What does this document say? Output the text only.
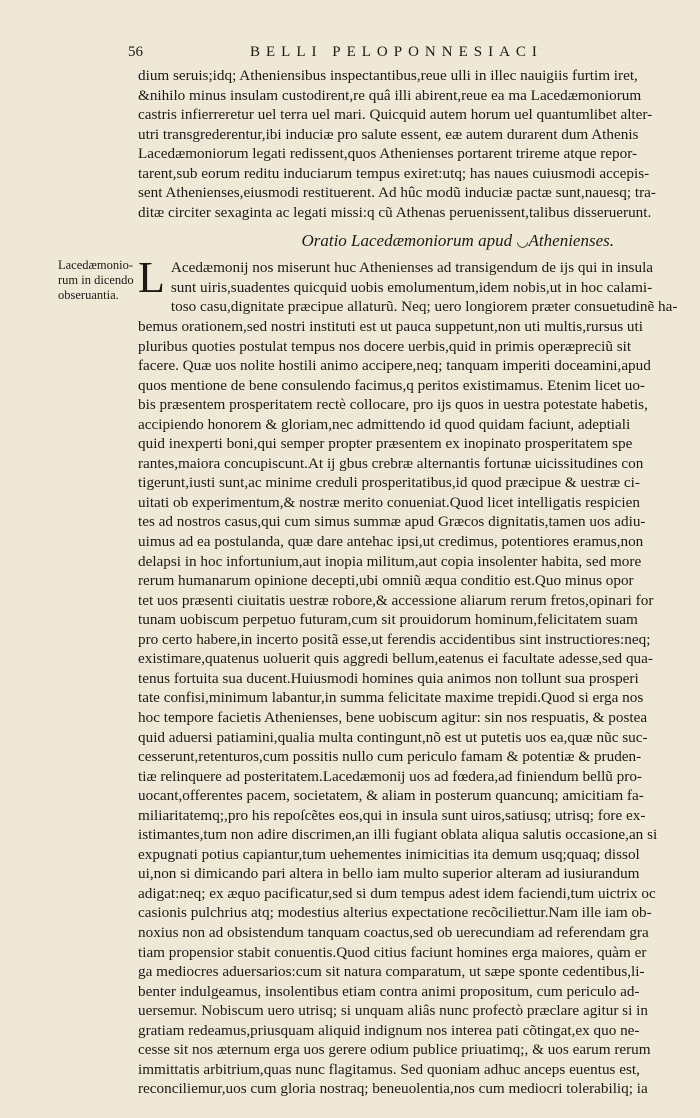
56	BELLI PELOPONNESIACI
Lacedæmonio-
rum in dicendo
obseruantia.
dium seruis;idq; Atheniensibus inspectantibus,reue ulli in illec nauigiis furtim iret,
&nihilo minus insulam custodirent,re quâ illi abirent,reue ea ma Lacedæmoniorum
castris infierreretur uel terra uel mari. Quicquid autem horum uel quantumlibet alter-
utri transgrederentur,ibi induciæ pro salute essent, eæ autem durarent dum Athenis
Lacedæmoniorum legati redissent,quos Athenienses portarent trireme atque repor-
tarent,sub eorum reditu induciarum tempus exiret:utq; has naues cuiusmodi accepis-
sent Athenienses,eiusmodi restituerent. Ad hûc modũ induciæ pactæ sunt,nauesq; tra-
ditæ circiter sexaginta ac legati missi:q cũ Athenas peruenissent,talibus disseruerunt.
Oratio Lacedæmoniorum apud ◡Athenienses.
L Acedæmonij nos miserunt huc Athenienses ad transigendum de ijs qui in insula
sunt uiris,suadentes quicquid uobis emolumentum,idem nobis,ut in hoc calami-
toso casu,dignitate præcipue allaturũ. Neq; uero longiorem præter consuetudinẽ ha-
bemus orationem,sed nostri instituti est ut pauca suppetunt,non uti multis,rursus uti
pluribus quoties postulat tempus nos docere uerbis,quid in primis operæpreciũ sit
facere. Quæ uos nolite hostili animo accipere,neq; tanquam imperiti doceamini,apud
quos mentione de bene consulendo facimus,q peritos existimamus. Etenim licet uo-
bis præsentem prosperitatem rectè collocare, pro ijs quos in uestra potestate habetis,
accipiendo honorem & gloriam,nec admittendo id quod quidam faciunt, adeptiali
quid inexperti boni,qui semper propter præsentem ex inopinato prosperitatem spe
rantes,maiora concupiscunt.At ij gbus crebræ alternantis fortunæ uicissitudines con
tigerunt,iusti sunt,ac minime creduli prosperitatibus,id quod præcipue & uestræ ci-
uitati ob experimentum,& nostræ merito conueniat.Quod licet intelligatis respicien
tes ad nostros casus,qui cum simus summæ apud Græcos dignitatis,tamen uos adiu-
uimus ad ea postulanda, quæ dare antehac ipsi,ut credimus, potentiores eramus,non
delapsi in hoc infortunium,aut inopia militum,aut copia insolenter habita, sed more
rerum humanarum opinione decepti,ubi omniũ æqua conditio est.Quo minus opor
tet uos præsenti ciuitatis uestræ robore,& accessione aliarum rerum fretos,opinari for
tunam uobiscum perpetuo futuram,cum sit prouidorum hominum,felicitatem suam
pro certo habere,in incerto positã esse,ut ferendis accidentibus sint instructiores:neq;
existimare,quatenus uoluerit quis aggredi bellum,eatenus ei facultate adesse,sed qua-
tenus fortuita sua ducent.Huiusmodi homines quia animos non tollunt sua prosperi
tate confisi,minimum labantur,in summa felicitate maxime trepidi.Quod si erga nos
hoc tempore facietis Athenienses, bene uobiscum agitur: sin nos respuatis, & postea
quid aduersi patiamini,qualia multa contingunt,nõ est ut putetis uos ea,quæ nũc suc-
cesserunt,retenturos,cum possitis nullo cum periculo famam & potentiæ & pruden-
tiæ relinquere ad posteritatem.Lacedæmonij uos ad fœdera,ad finiendum bellũ pro-
uocant,offerentes pacem, societatem, & aliam in posterum quancunq; amicitiam fa-
miliaritatemq;,pro his repoſcẽtes eos,qui in insula sunt uiros,satiusq; utrisq; fore ex-
istimantes,tum non adire discrimen,an illi fugiant oblata aliqua salutis occasione,an si
expugnati potius capiantur,tum uehementes inimicitias ita demum usq;quaq; dissol
ui,non si dimicando pari altera in bello iam multo superior alteram ad iusiurandum
adigat:neq; ex æquo pacificatur,sed si dum tempus adest idem faciendi,tum uictrix oc
casionis pulchrius atq; modestius alterius expectatione recõciliettur.Nam ille iam ob-
noxius non ad obsistendum tanquam coactus,sed ob uerecundiam ad referendam gra
tiam propensior stabit conuentis.Quod citius faciunt homines erga maiores, quàm er
ga mediocres aduersarios:cum sit natura comparatum, ut sæpe sponte cedentibus,li-
benter indulgeamus, insolentibus etiam contra animi propositum, cum periculo ad-
uersemur. Nobiscum uero utrisq; si unquam aliâs nunc profectò præclare agitur si in
gratiam redeamus,priusquam aliquid indignum nos interea pati cõtingat,ex quo ne-
cesse sit nos æternum erga uos gerere odium publice priuatimq;, & uos earum rerum
immittatis arbitrium,quas nunc flagitamus. Sed quoniam adhuc anceps euentus est,
reconciliemur,uos cum gloria nostraq; beneuolentia,nos cum mediocri tolerabiliq; ia
